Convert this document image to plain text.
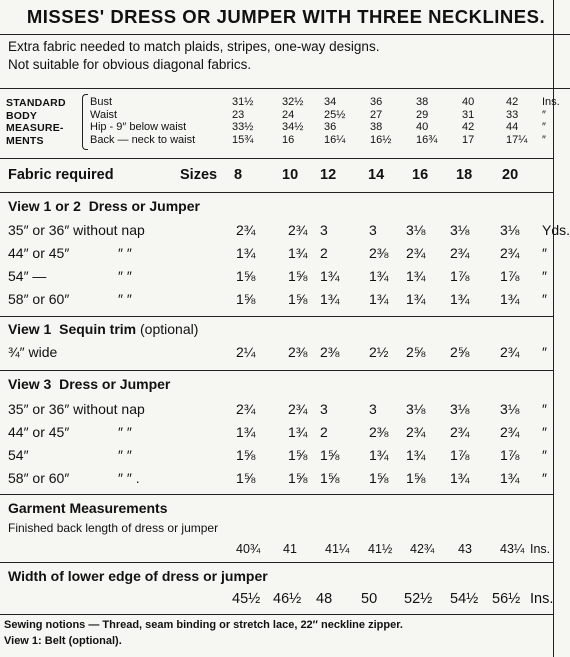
MISSES' DRESS OR JUMPER WITH THREE NECKLINES.
Extra fabric needed to match plaids, stripes, one-way designs.
Not suitable for obvious diagonal fabrics.
STANDARD
BODY
MEASURE-
MENTS
Bust	31½	32½ 34	36	38	40	42 Ins.
Waist	23	24	25½ 27	29	31	33 ″
Hip - 9″ below waist	33½	34½ 36	38	40	42	44 ″
Back — neck to waist	15¾	16	16¼ 16½ 16¾ 17	17¼ ″
Fabric required	Sizes 8	10 12 14 16 18 20
View 1 or 2 Dress or Jumper
35″ or 36″ without nap	2¾ 2¾ 3	3 3⅛ 3⅛ 3⅛ Yds.
44″ or 45″	″ ″	1¾ 1¾ 2	2⅜ 2¾ 2¾ 2¾ ″
54″ —	″ ″	1⅝ 1⅝ 1¾ 1¾ 1¾ 1⅞ 1⅞ ″
58″ or 60″	″ ″	1⅝ 1⅝ 1¾ 1¾ 1¾ 1¾ 1¾ ″
View 1 Sequin trim (optional)
¾″ wide	2¼ 2⅜ 2⅜ 2½ 2⅝ 2⅝ 2¾ ″
View 3 Dress or Jumper
35″ or 36″ without nap	2¾ 2¾ 3	3 3⅛ 3⅛ 3⅛ ″
44″ or 45″	″ ″	1¾ 1¾ 2	2⅜ 2¾ 2¾ 2¾ ″
54″	″ ″	1⅝ 1⅝ 1⅝ 1¾ 1¾ 1⅞ 1⅞ ″
58″ or 60″	″ ″ .	1⅝ 1⅝ 1⅝ 1⅝ 1⅝ 1¾ 1¾ ″
Garment Measurements
Finished back length of dress or jumper
40¾ 41 41¼ 41½ 42¾ 43 43¼ Ins.
Width of lower edge of dress or jumper
45½ 46½ 48 50 52½ 54½ 56½ Ins.
Sewing notions — Thread, seam binding or stretch lace, 22″ neckline zipper.
View 1: Belt (optional).
